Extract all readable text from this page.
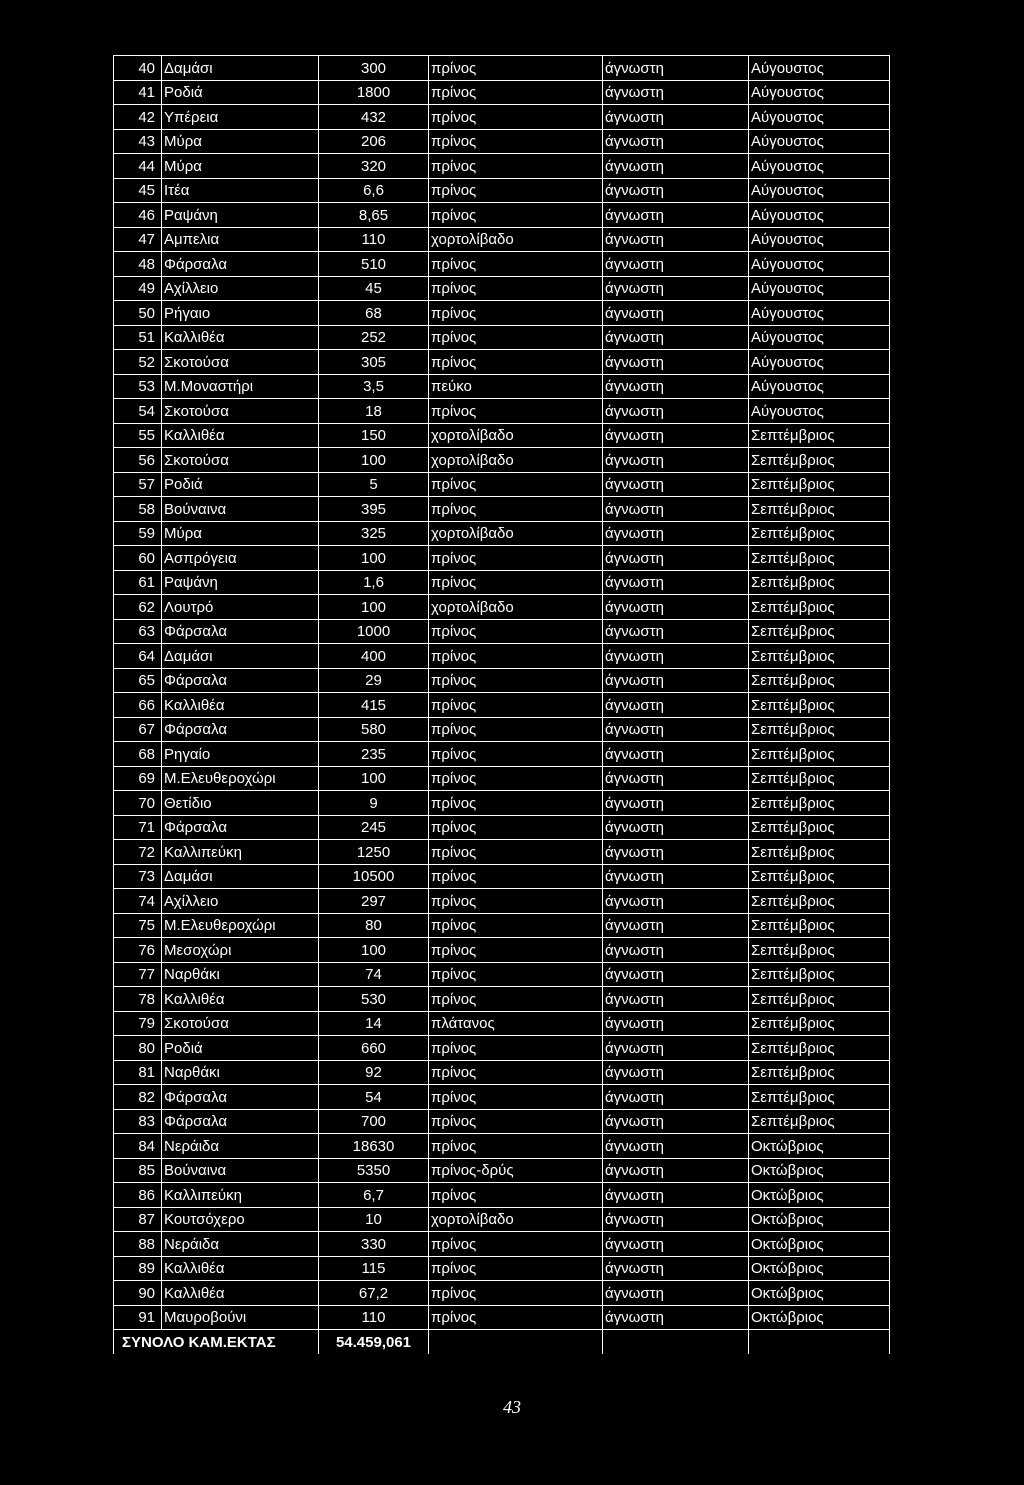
40	Δαμάσι	300	πρίνος	άγνωστη	Αύγουστος
41	Ροδιά	1800	πρίνος	άγνωστη	Αύγουστος
42	Υπέρεια	432	πρίνος	άγνωστη	Αύγουστος
43	Μύρα	206	πρίνος	άγνωστη	Αύγουστος
44	Μύρα	320	πρίνος	άγνωστη	Αύγουστος
45	Ιτέα	6,6	πρίνος	άγνωστη	Αύγουστος
46	Ραψάνη	8,65	πρίνος	άγνωστη	Αύγουστος
47	Αμπελια	110	χορτολίβαδο	άγνωστη	Αύγουστος
48	Φάρσαλα	510	πρίνος	άγνωστη	Αύγουστος
49	Αχίλλειο	45	πρίνος	άγνωστη	Αύγουστος
50	Ρήγαιο	68	πρίνος	άγνωστη	Αύγουστος
51	Καλλιθέα	252	πρίνος	άγνωστη	Αύγουστος
52	Σκοτούσα	305	πρίνος	άγνωστη	Αύγουστος
53	Μ.Μοναστήρι	3,5	πεύκο	άγνωστη	Αύγουστος
54	Σκοτούσα	18	πρίνος	άγνωστη	Αύγουστος
55	Καλλιθέα	150	χορτολίβαδο	άγνωστη	Σεπτέμβριος
56	Σκοτούσα	100	χορτολίβαδο	άγνωστη	Σεπτέμβριος
57	Ροδιά	5	πρίνος	άγνωστη	Σεπτέμβριος
58	Βούναινα	395	πρίνος	άγνωστη	Σεπτέμβριος
59	Μύρα	325	χορτολίβαδο	άγνωστη	Σεπτέμβριος
60	Ασπρόγεια	100	πρίνος	άγνωστη	Σεπτέμβριος
61	Ραψάνη	1,6	πρίνος	άγνωστη	Σεπτέμβριος
62	Λουτρό	100	χορτολίβαδο	άγνωστη	Σεπτέμβριος
63	Φάρσαλα	1000	πρίνος	άγνωστη	Σεπτέμβριος
64	Δαμάσι	400	πρίνος	άγνωστη	Σεπτέμβριος
65	Φάρσαλα	29	πρίνος	άγνωστη	Σεπτέμβριος
66	Καλλιθέα	415	πρίνος	άγνωστη	Σεπτέμβριος
67	Φάρσαλα	580	πρίνος	άγνωστη	Σεπτέμβριος
68	Ρηγαίο	235	πρίνος	άγνωστη	Σεπτέμβριος
69	Μ.Ελευθεροχώρι	100	πρίνος	άγνωστη	Σεπτέμβριος
70	Θετίδιο	9	πρίνος	άγνωστη	Σεπτέμβριος
71	Φάρσαλα	245	πρίνος	άγνωστη	Σεπτέμβριος
72	Καλλιπεύκη	1250	πρίνος	άγνωστη	Σεπτέμβριος
73	Δαμάσι	10500	πρίνος	άγνωστη	Σεπτέμβριος
74	Αχίλλειο	297	πρίνος	άγνωστη	Σεπτέμβριος
75	Μ.Ελευθεροχώρι	80	πρίνος	άγνωστη	Σεπτέμβριος
76	Μεσοχώρι	100	πρίνος	άγνωστη	Σεπτέμβριος
77	Ναρθάκι	74	πρίνος	άγνωστη	Σεπτέμβριος
78	Καλλιθέα	530	πρίνος	άγνωστη	Σεπτέμβριος
79	Σκοτούσα	14	πλάτανος	άγνωστη	Σεπτέμβριος
80	Ροδιά	660	πρίνος	άγνωστη	Σεπτέμβριος
81	Ναρθάκι	92	πρίνος	άγνωστη	Σεπτέμβριος
82	Φάρσαλα	54	πρίνος	άγνωστη	Σεπτέμβριος
83	Φάρσαλα	700	πρίνος	άγνωστη	Σεπτέμβριος
84	Νεράιδα	18630	πρίνος	άγνωστη	Οκτώβριος
85	Βούναινα	5350	πρίνος-δρύς	άγνωστη	Οκτώβριος
86	Καλλιπεύκη	6,7	πρίνος	άγνωστη	Οκτώβριος
87	Κουτσόχερο	10	χορτολίβαδο	άγνωστη	Οκτώβριος
88	Νεράιδα	330	πρίνος	άγνωστη	Οκτώβριος
89	Καλλιθέα	115	πρίνος	άγνωστη	Οκτώβριος
90	Καλλιθέα	67,2	πρίνος	άγνωστη	Οκτώβριος
91	Μαυροβούνι	110	πρίνος	άγνωστη	Οκτώβριος
ΣΥΝΟΛΟ ΚΑΜ.ΕΚΤΑΣ		54.459,061			
43
